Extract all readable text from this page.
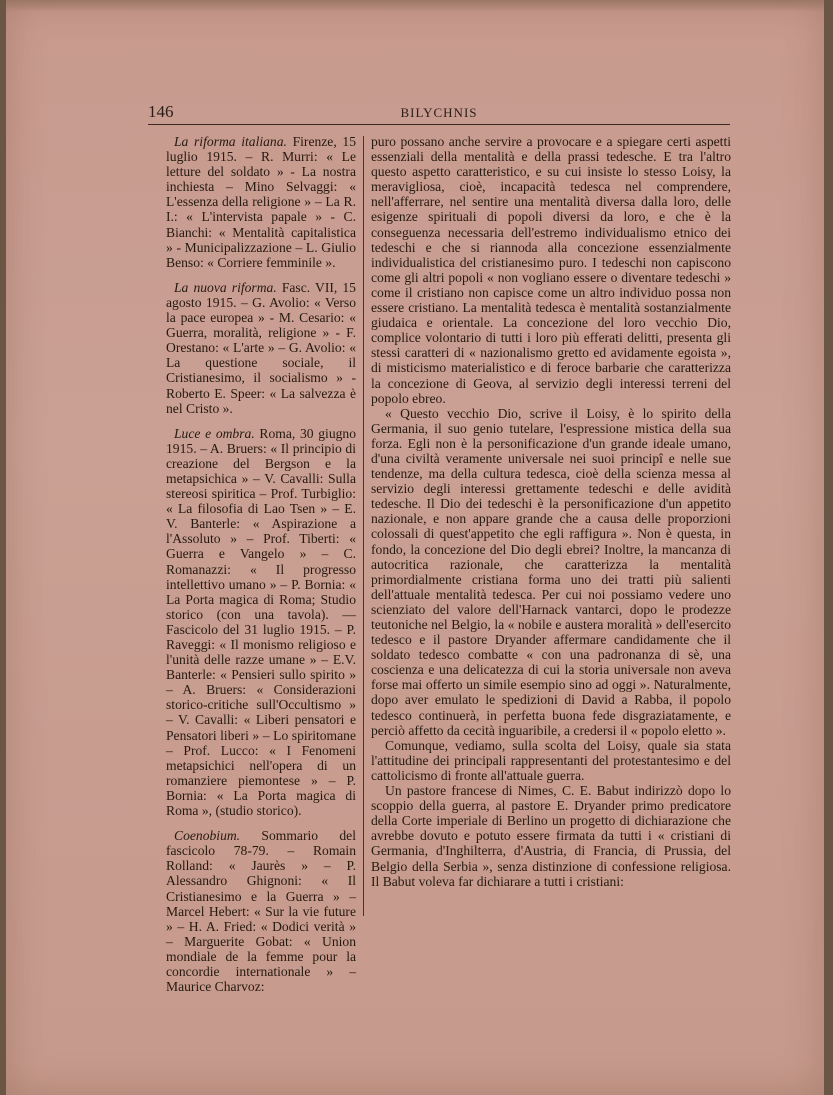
146	BILYCHNIS

La riforma italiana. Firenze, 15 luglio 1915. – R. Murri: « Le letture del soldato » - La nostra inchiesta – Mino Selvaggi: « L'essenza della religione » – La R. I.: « L'intervista papale » - C. Bianchi: « Mentalità capitalistica » - Municipalizzazione – L. Giulio Benso: « Corriere femminile ».

La nuova riforma. Fasc. VII, 15 agosto 1915. – G. Avolio: « Verso la pace europea » - M. Cesario: « Guerra, moralità, religione » - F. Orestano: « L'arte » – G. Avolio: « La questione sociale, il Cristianesimo, il socialismo » - Roberto E. Speer: « La salvezza è nel Cristo ».

Luce e ombra. Roma, 30 giugno 1915. – A. Bruers: « Il principio di creazione del Bergson e la metapsichica » – V. Cavalli: Sulla stereosi spiritica – Prof. Turbiglio: « La filosofia di Lao Tsen » – E. V. Banterle: « Aspirazione a l'Assoluto » – Prof. Tiberti: « Guerra e Vangelo » – C. Romanazzi: « Il progresso intellettivo umano » – P. Bornia: « La Porta magica di Roma; Studio storico (con una tavola). — Fascicolo del 31 luglio 1915. – P. Raveggi: « Il monismo religioso e l'unità delle razze umane » – E.V. Banterle: « Pensieri sullo spirito » – A. Bruers: « Considerazioni storico-critiche sull'Occultismo » – V. Cavalli: « Liberi pensatori e Pensatori liberi » – Lo spiritomane – Prof. Lucco: « I Fenomeni metapsichici nell'opera di un romanziere piemontese » – P. Bornia: « La Porta magica di Roma », (studio storico).

Coenobium. Sommario del fascicolo 78-79. – Romain Rolland: « Jaurès » – P. Alessandro Ghignoni: « Il Cristianesimo e la Guerra » – Marcel Hebert: « Sur la vie future » – H. A. Fried: « Dodici verità » – Marguerite Gobat: « Union mondiale de la femme pour la concordie internationale » – Maurice Charvoz:

puro possano anche servire a provocare e a spiegare certi aspetti essenziali della mentalità e della prassi tedesche. E tra l'altro questo aspetto caratteristico, e su cui insiste lo stesso Loisy, la meravigliosa, cioè, incapacità tedesca nel comprendere, nell'afferrare, nel sentire una mentalità diversa dalla loro, delle esigenze spirituali di popoli diversi da loro, e che è la conseguenza necessaria dell'estremo individualismo etnico dei tedeschi e che si riannoda alla concezione essenzialmente individualistica del cristianesimo puro. I tedeschi non capiscono come gli altri popoli « non vogliano essere o diventare tedeschi » come il cristiano non capisce come un altro individuo possa non essere cristiano. La mentalità tedesca è mentalità sostanzialmente giudaica e orientale. La concezione del loro vecchio Dio, complice volontario di tutti i loro più efferati delitti, presenta gli stessi caratteri di « nazionalismo gretto ed avidamente egoista », di misticismo materialistico e di feroce barbarie che caratterizza la concezione di Geova, al servizio degli interessi terreni del popolo ebreo.

« Questo vecchio Dio, scrive il Loisy, è lo spirito della Germania, il suo genio tutelare, l'espressione mistica della sua forza. Egli non è la personificazione d'un grande ideale umano, d'una civiltà veramente universale nei suoi principî e nelle sue tendenze, ma della cultura tedesca, cioè della scienza messa al servizio degli interessi grettamente tedeschi e delle avidità tedesche. Il Dio dei tedeschi è la personificazione d'un appetito nazionale, e non appare grande che a causa delle proporzioni colossali di quest'appetito che egli raffigura ». Non è questa, in fondo, la concezione del Dio degli ebrei? Inoltre, la mancanza di autocritica razionale, che caratterizza la mentalità primordialmente cristiana forma uno dei tratti più salienti dell'attuale mentalità tedesca. Per cui noi possiamo vedere uno scienziato del valore dell'Harnack vantarci, dopo le prodezze teutoniche nel Belgio, la « nobile e austera moralità » dell'esercito tedesco e il pastore Dryander affermare candidamente che il soldato tedesco combatte « con una padronanza di sè, una coscienza e una delicatezza di cui la storia universale non aveva forse mai offerto un simile esempio sino ad oggi ». Naturalmente, dopo aver emulato le spedizioni di David a Rabba, il popolo tedesco continuerà, in perfetta buona fede disgraziatamente, e perciò affetto da cecità inguaribile, a credersi il « popolo eletto ».

Comunque, vediamo, sulla scolta del Loisy, quale sia stata l'attitudine dei principali rappresentanti del protestantesimo e del cattolicismo di fronte all'attuale guerra.

Un pastore francese di Nimes, C. E. Babut indirizzò dopo lo scoppio della guerra, al pastore E. Dryander primo predicatore della Corte imperiale di Berlino un progetto di dichiarazione che avrebbe dovuto e potuto essere firmata da tutti i « cristiani di Germania, d'Inghilterra, d'Austria, di Francia, di Prussia, del Belgio della Serbia », senza distinzione di confessione religiosa. Il Babut voleva far dichiarare a tutti i cristiani:
